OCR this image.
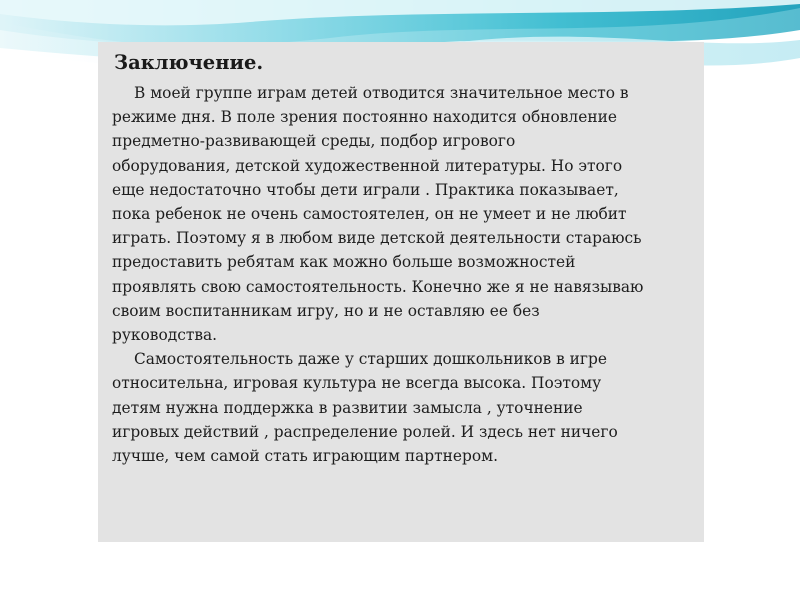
Заключение.

В моей группе играм детей отводится значительное место в
режиме дня. В поле зрения постоянно находится обновление
предметно-развивающей среды, подбор игрового
оборудования, детской художественной литературы. Но этого
еще недостаточно чтобы дети играли . Практика показывает,
пока ребенок не очень самостоятелен, он не умеет и не любит
играть. Поэтому я в любом виде детской деятельности стараюсь
предоставить ребятам как можно больше возможностей
проявлять свою самостоятельность. Конечно же я не навязываю
своим воспитанникам игру, но и не оставляю ее без
руководства.

Самостоятельность даже у старших дошкольников в игре
относительна, игровая культура не всегда высока. Поэтому
детям нужна поддержка в развитии замысла , уточнение
игровых действий , распределение ролей. И здесь нет ничего
лучше, чем самой стать играющим партнером.
